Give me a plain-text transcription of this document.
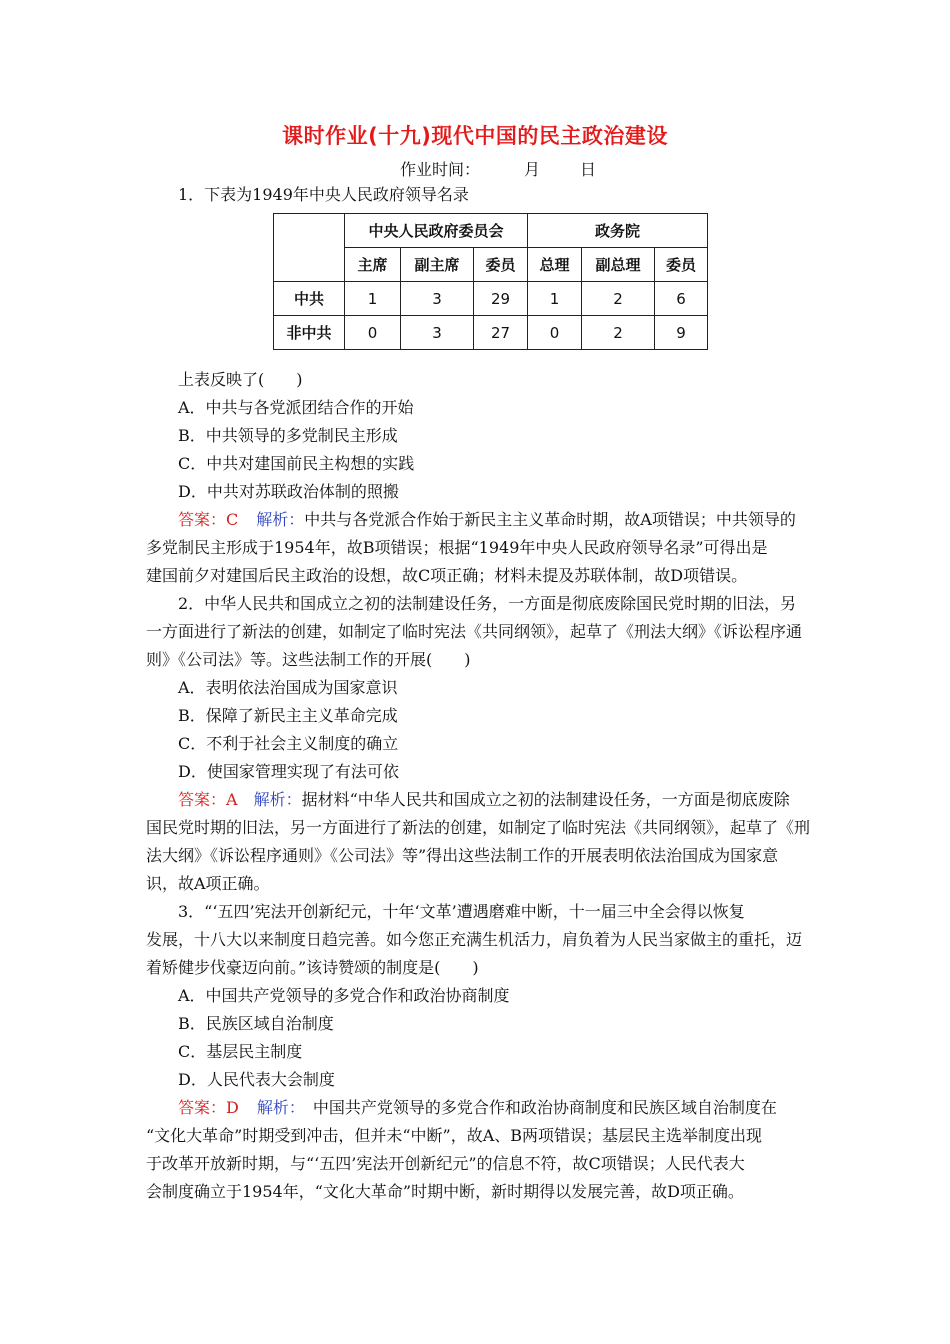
课时作业(十九)现代中国的民主政治建设
作业时间：	月	日
1．下表为1949年中央人民政府领导名录
	中央人民政府委员会			政务院		
	主席	副主席	委员	总理	副总理	委员
中共	1	3	29	1	2	6
非中共	0	3	27	0	2	9
上表反映了(　　)
A．中共与各党派团结合作的开始
B．中共领导的多党制民主形成
C．中共对建国前民主构想的实践
D．中共对苏联政治体制的照搬
答案：C 解析：中共与各党派合作始于新民主主义革命时期，故A项错误；中共领导的
多党制民主形成于1954年，故B项错误；根据“1949年中央人民政府领导名录”可得出是
建国前夕对建国后民主政治的设想，故C项正确；材料未提及苏联体制，故D项错误。
2．中华人民共和国成立之初的法制建设任务，一方面是彻底废除国民党时期的旧法，另
一方面进行了新法的创建，如制定了临时宪法《共同纲领》，起草了《刑法大纲》《诉讼程序通
则》《公司法》等。这些法制工作的开展(　　)
A．表明依法治国成为国家意识
B．保障了新民主主义革命完成
C．不利于社会主义制度的确立
D．使国家管理实现了有法可依
答案：A 解析：据材料“中华人民共和国成立之初的法制建设任务，一方面是彻底废除
国民党时期的旧法，另一方面进行了新法的创建，如制定了临时宪法《共同纲领》，起草了《刑
法大纲》《诉讼程序通则》《公司法》等”得出这些法制工作的开展表明依法治国成为国家意
识，故A项正确。
3．“‘五四’宪法开创新纪元，十年‘文革’遭遇磨难中断，十一届三中全会得以恢复
发展，十八大以来制度日趋完善。如今您正充满生机活力，肩负着为人民当家做主的重托，迈
着矫健步伐豪迈向前。”该诗赞颂的制度是(　　)
A．中国共产党领导的多党合作和政治协商制度
B．民族区域自治制度
C．基层民主制度
D．人民代表大会制度
答案：D 解析： 中国共产党领导的多党合作和政治协商制度和民族区域自治制度在
“文化大革命”时期受到冲击，但并未“中断”，故A、B两项错误；基层民主选举制度出现
于改革开放新时期，与“‘五四’宪法开创新纪元”的信息不符，故C项错误；人民代表大
会制度确立于1954年，“文化大革命”时期中断，新时期得以发展完善，故D项正确。
